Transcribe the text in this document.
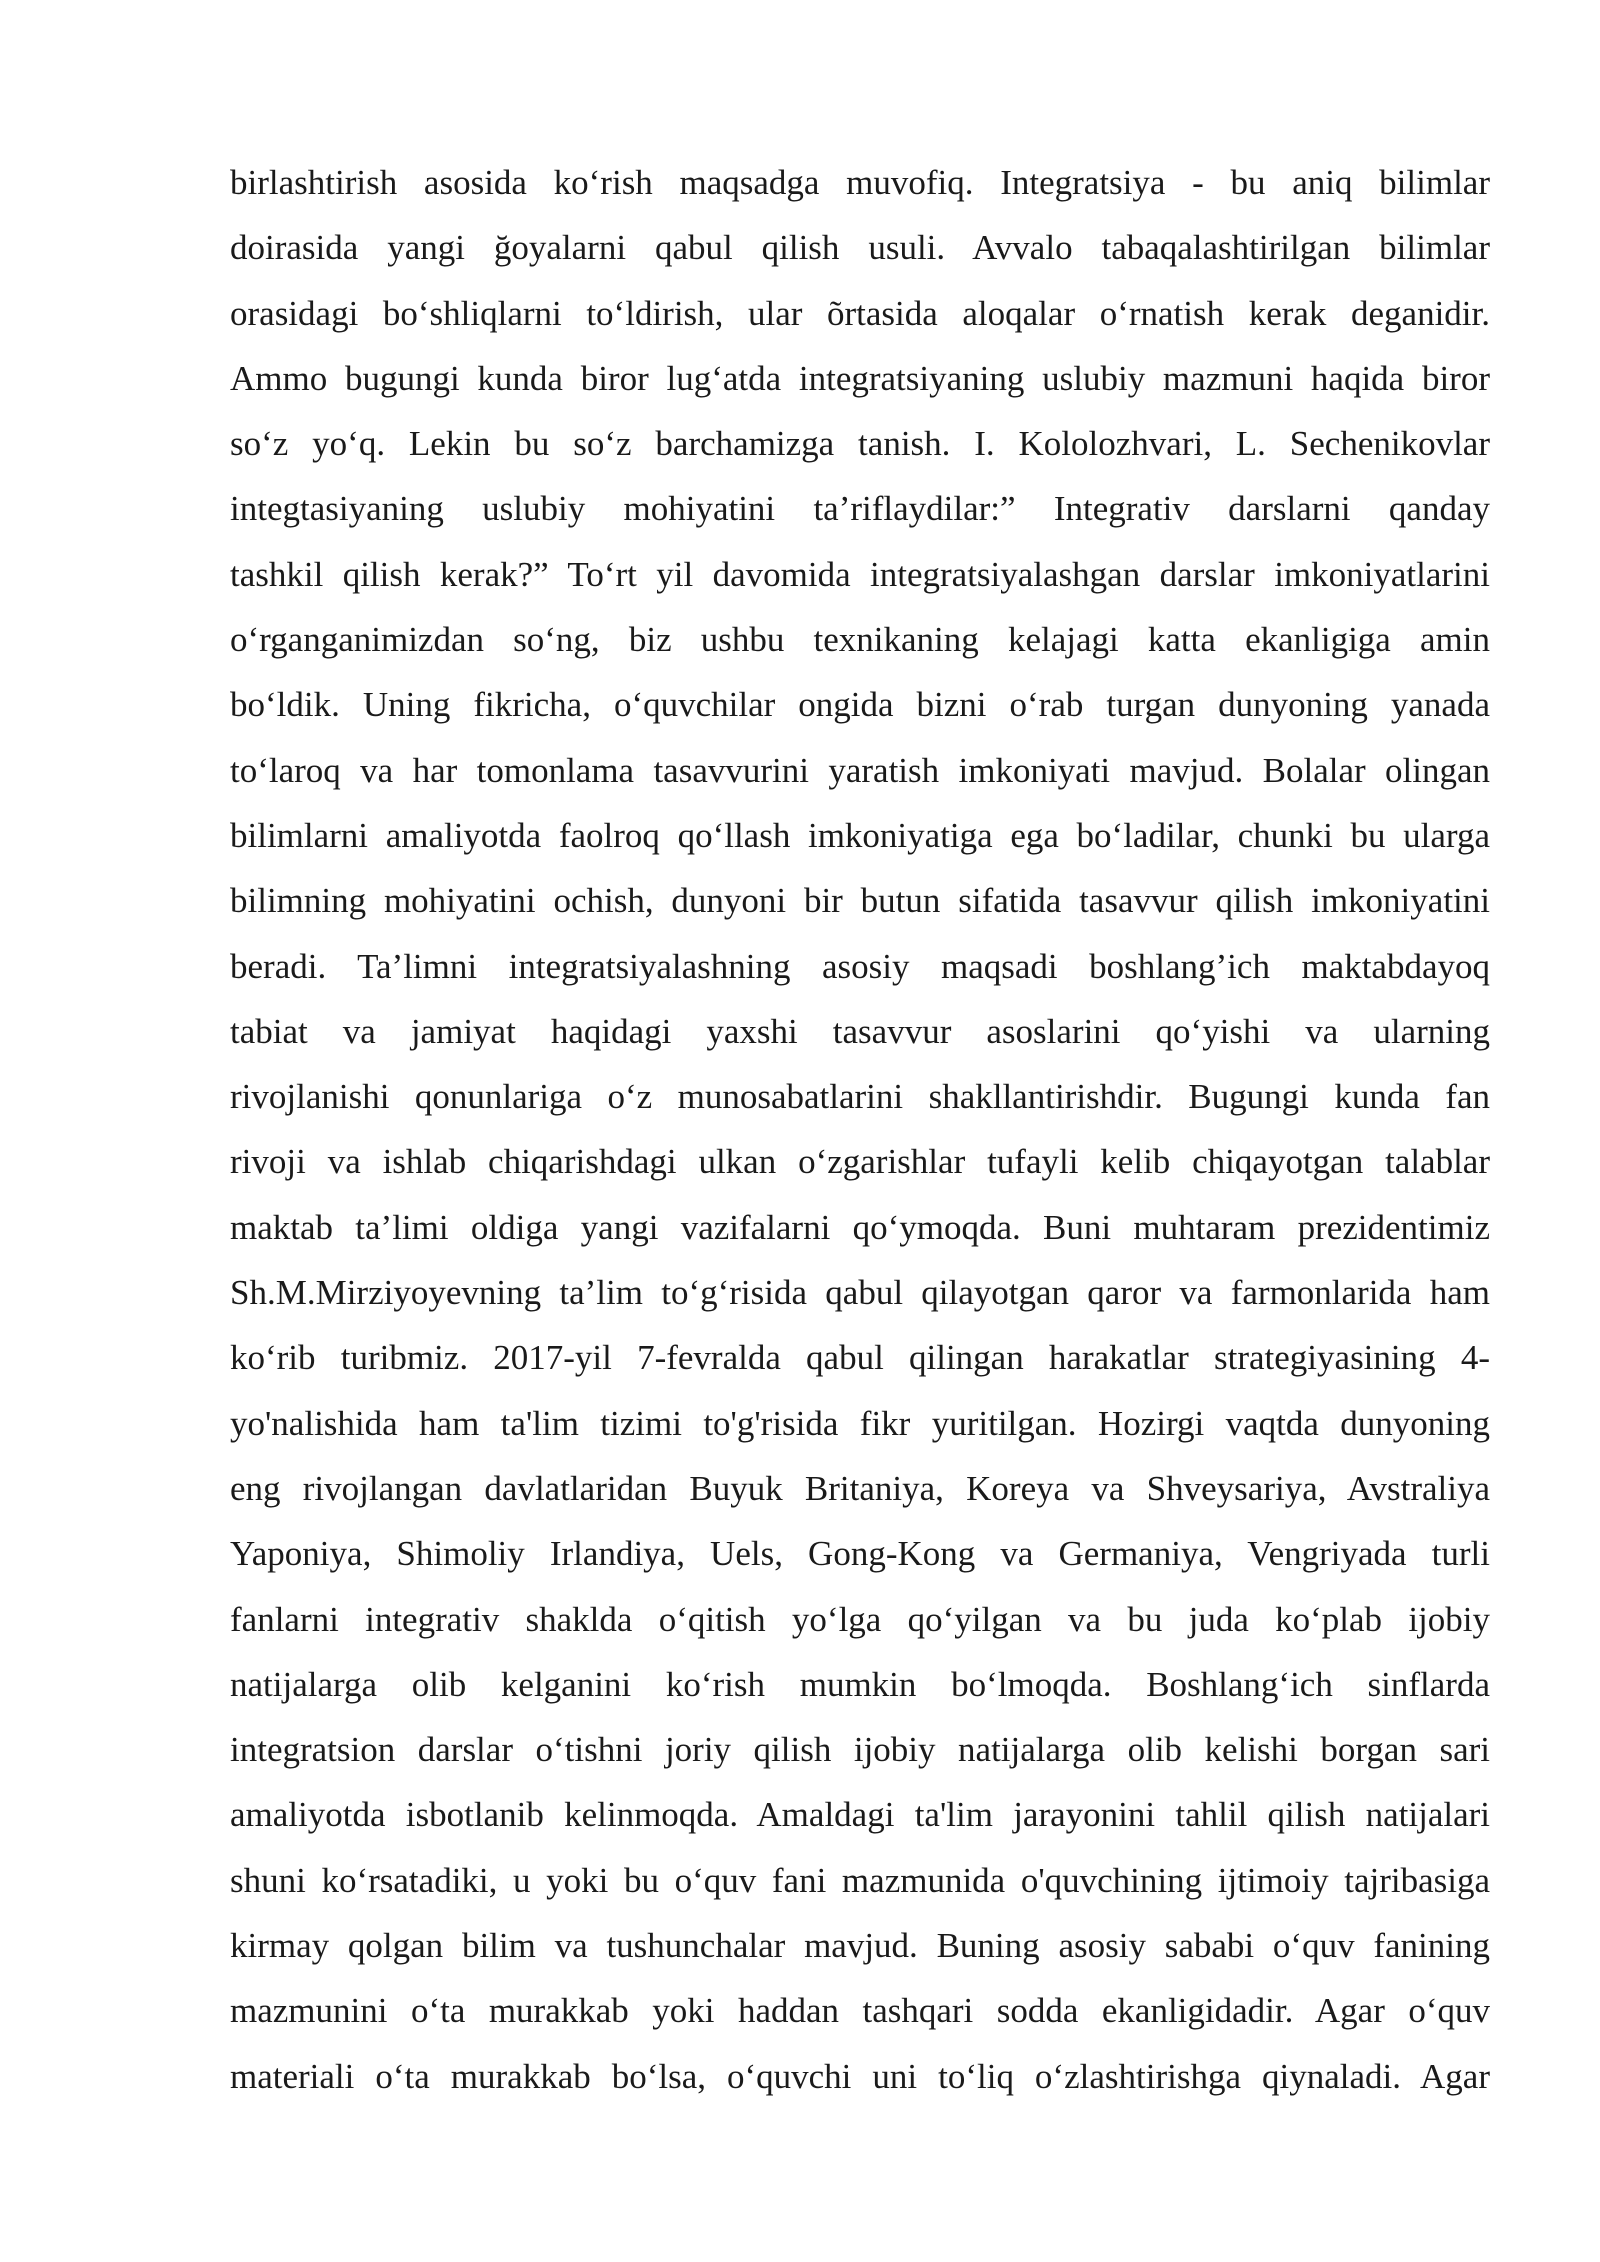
birlashtirish asosida ko‘rish maqsadga muvofiq. Integratsiya - bu aniq bilimlar
doirasida yangi ğoyalarni qabul qilish usuli. Avvalo tabaqalashtirilgan bilimlar
orasidagi bo‘shliqlarni to‘ldirish, ular õrtasida aloqalar o‘rnatish kerak deganidir.
Ammo bugungi kunda biror lug‘atda integratsiyaning uslubiy mazmuni haqida biror
so‘z yo‘q. Lekin bu so‘z barchamizga tanish. I. Kololozhvari, L. Sechenikovlar
integtasiyaning uslubiy mohiyatini ta’riflaydilar:” Integrativ darslarni qanday
tashkil qilish kerak?” To‘rt yil davomida integratsiyalashgan darslar imkoniyatlarini
o‘rganganimizdan so‘ng, biz ushbu texnikaning kelajagi katta ekanligiga amin
bo‘ldik. Uning fikricha, o‘quvchilar ongida bizni o‘rab turgan dunyoning yanada
to‘laroq va har tomonlama tasavvurini yaratish imkoniyati mavjud. Bolalar olingan
bilimlarni amaliyotda faolroq qo‘llash imkoniyatiga ega bo‘ladilar, chunki bu ularga
bilimning mohiyatini ochish, dunyoni bir butun sifatida tasavvur qilish imkoniyatini
beradi. Ta’limni integratsiyalashning asosiy maqsadi boshlang’ich maktabdayoq
tabiat va jamiyat haqidagi yaxshi tasavvur asoslarini qo‘yishi va ularning
rivojlanishi qonunlariga o‘z munosabatlarini shakllantirishdir. Bugungi kunda fan
rivoji va ishlab chiqarishdagi ulkan o‘zgarishlar tufayli kelib chiqayotgan talablar
maktab ta’limi oldiga yangi vazifalarni qo‘ymoqda. Buni muhtaram prezidentimiz
Sh.M.Mirziyoyevning ta’lim to‘g‘risida qabul qilayotgan qaror va farmonlarida ham
ko‘rib turibmiz. 2017-yil 7-fevralda qabul qilingan harakatlar strategiyasining 4-
yo'nalishida ham ta'lim tizimi to'g'risida fikr yuritilgan. Hozirgi vaqtda dunyoning
eng rivojlangan davlatlaridan Buyuk Britaniya, Koreya va Shveysariya, Avstraliya
Yaponiya, Shimoliy Irlandiya, Uels, Gong-Kong va Germaniya, Vengriyada turli
fanlarni integrativ shaklda o‘qitish yo‘lga qo‘yilgan va bu juda ko‘plab ijobiy
natijalarga olib kelganini ko‘rish mumkin bo‘lmoqda. Boshlang‘ich sinflarda
integratsion darslar o‘tishni joriy qilish ijobiy natijalarga olib kelishi borgan sari
amaliyotda isbotlanib kelinmoqda. Amaldagi ta'lim jarayonini tahlil qilish natijalari
shuni ko‘rsatadiki, u yoki bu o‘quv fani mazmunida o'quvchining ijtimoiy tajribasiga
kirmay qolgan bilim va tushunchalar mavjud. Buning asosiy sababi o‘quv fanining
mazmunini o‘ta murakkab yoki haddan tashqari sodda ekanligidadir. Agar o‘quv
materiali o‘ta murakkab bo‘lsa, o‘quvchi uni to‘liq o‘zlashtirishga qiynaladi. Agar
